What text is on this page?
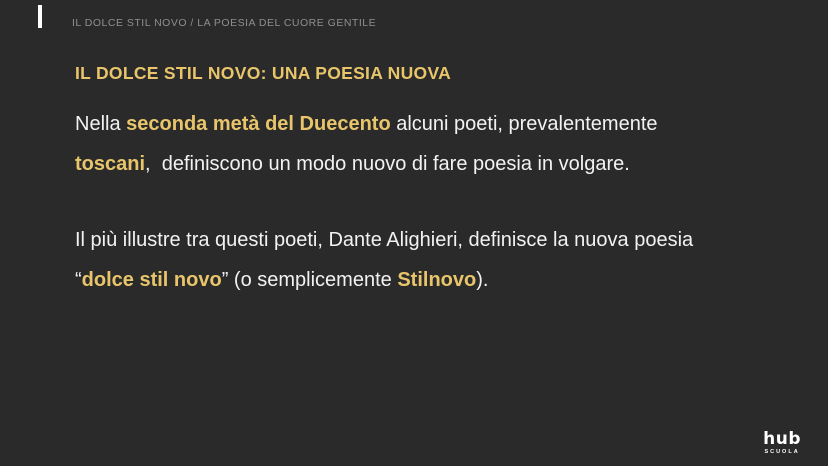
IL DOLCE STIL NOVO / LA POESIA DEL CUORE GENTILE
IL DOLCE STIL NOVO: UNA POESIA NUOVA
Nella seconda metà del Duecento alcuni poeti, prevalentemente
toscani,  definiscono un modo nuovo di fare poesia in volgare.
Il più illustre tra questi poeti, Dante Alighieri, definisce la nuova poesia
“dolce stil novo” (o semplicemente Stilnovo).
hub
SCUOLA
